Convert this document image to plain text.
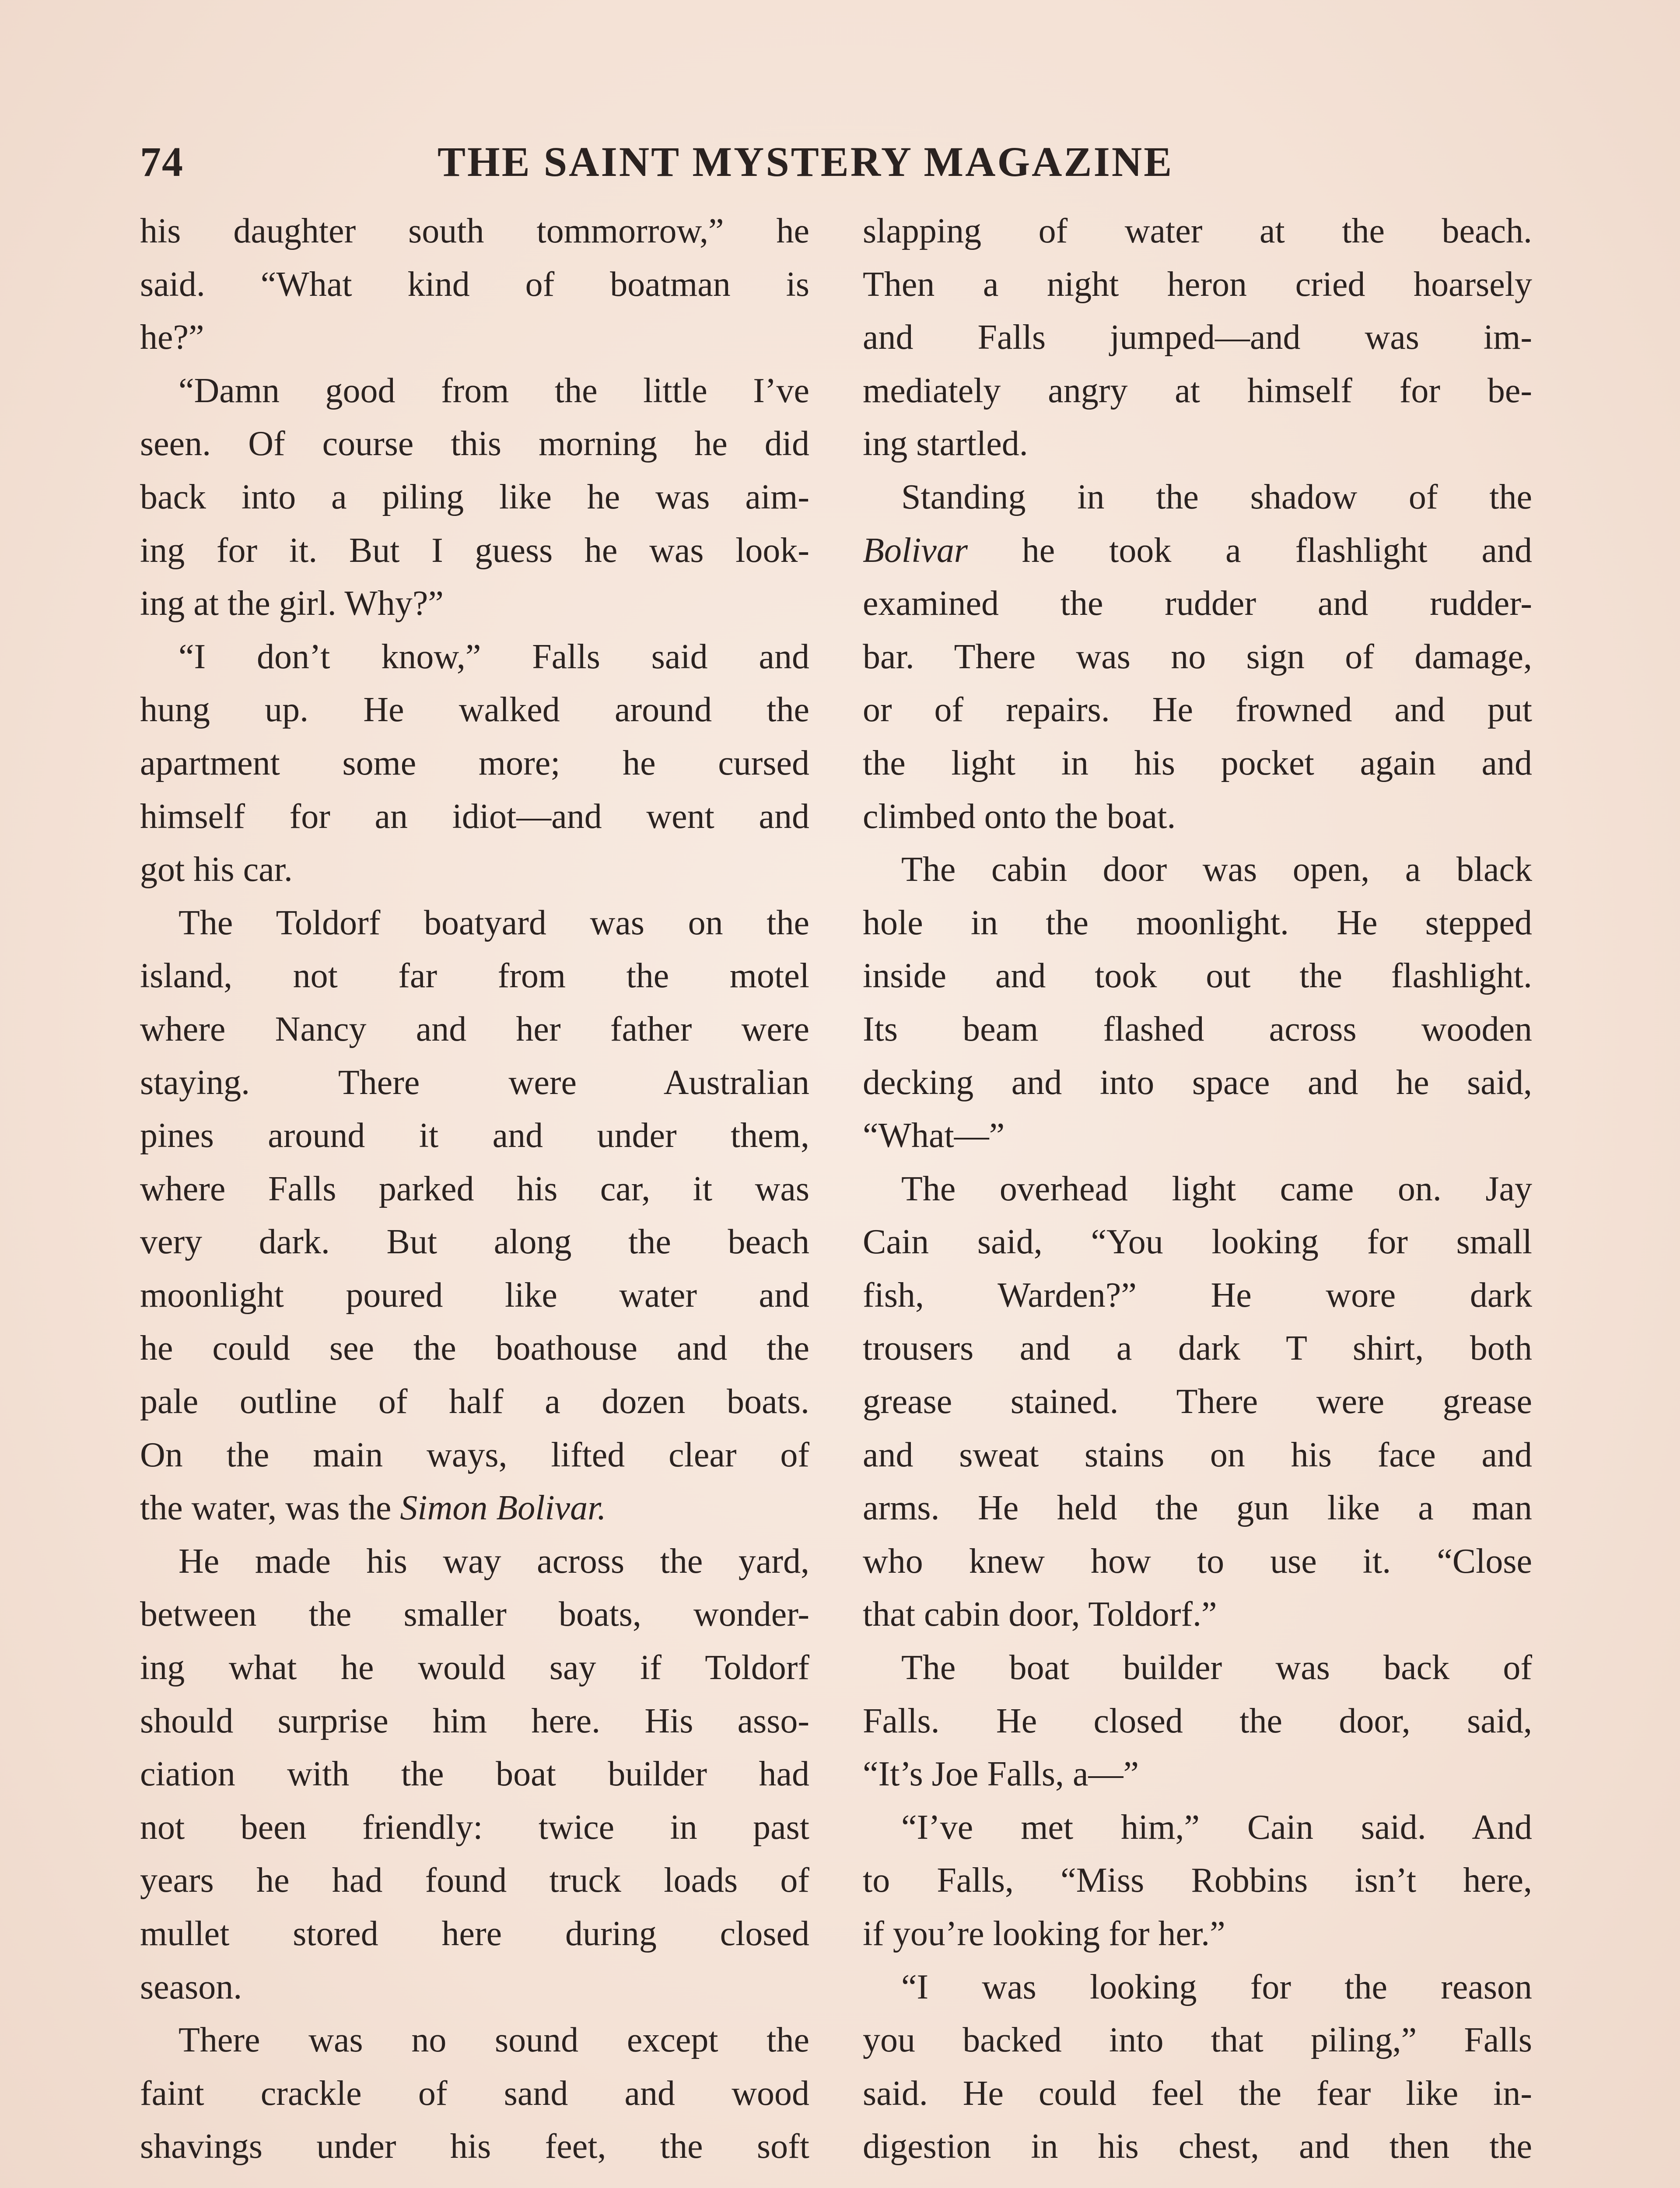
74	THE SAINT MYSTERY MAGAZINE
his daughter south tommorrow,” he
said. “What kind of boatman is
he?”
“Damn good from the little I’ve
seen. Of course this morning he did
back into a piling like he was aim-
ing for it. But I guess he was look-
ing at the girl. Why?”
“I don’t know,” Falls said and
hung up. He walked around the
apartment some more; he cursed
himself for an idiot—and went and
got his car.
The Toldorf boatyard was on the
island, not far from the motel
where Nancy and her father were
staying. There were Australian
pines around it and under them,
where Falls parked his car, it was
very dark. But along the beach
moonlight poured like water and
he could see the boathouse and the
pale outline of half a dozen boats.
On the main ways, lifted clear of
the water, was the Simon Bolivar.
He made his way across the yard,
between the smaller boats, wonder-
ing what he would say if Toldorf
should surprise him here. His asso-
ciation with the boat builder had
not been friendly: twice in past
years he had found truck loads of
mullet stored here during closed
season.
There was no sound except the
faint crackle of sand and wood
shavings under his feet, the soft
slapping of water at the beach.
Then a night heron cried hoarsely
and Falls jumped—and was im-
mediately angry at himself for be-
ing startled.
Standing in the shadow of the
Bolivar he took a flashlight and
examined the rudder and rudder-
bar. There was no sign of damage,
or of repairs. He frowned and put
the light in his pocket again and
climbed onto the boat.
The cabin door was open, a black
hole in the moonlight. He stepped
inside and took out the flashlight.
Its beam flashed across wooden
decking and into space and he said,
“What—”
The overhead light came on. Jay
Cain said, “You looking for small
fish, Warden?” He wore dark
trousers and a dark T shirt, both
grease stained. There were grease
and sweat stains on his face and
arms. He held the gun like a man
who knew how to use it. “Close
that cabin door, Toldorf.”
The boat builder was back of
Falls. He closed the door, said,
“It’s Joe Falls, a—”
“I’ve met him,” Cain said. And
to Falls, “Miss Robbins isn’t here,
if you’re looking for her.”
“I was looking for the reason
you backed into that piling,” Falls
said. He could feel the fear like in-
digestion in his chest, and then the
